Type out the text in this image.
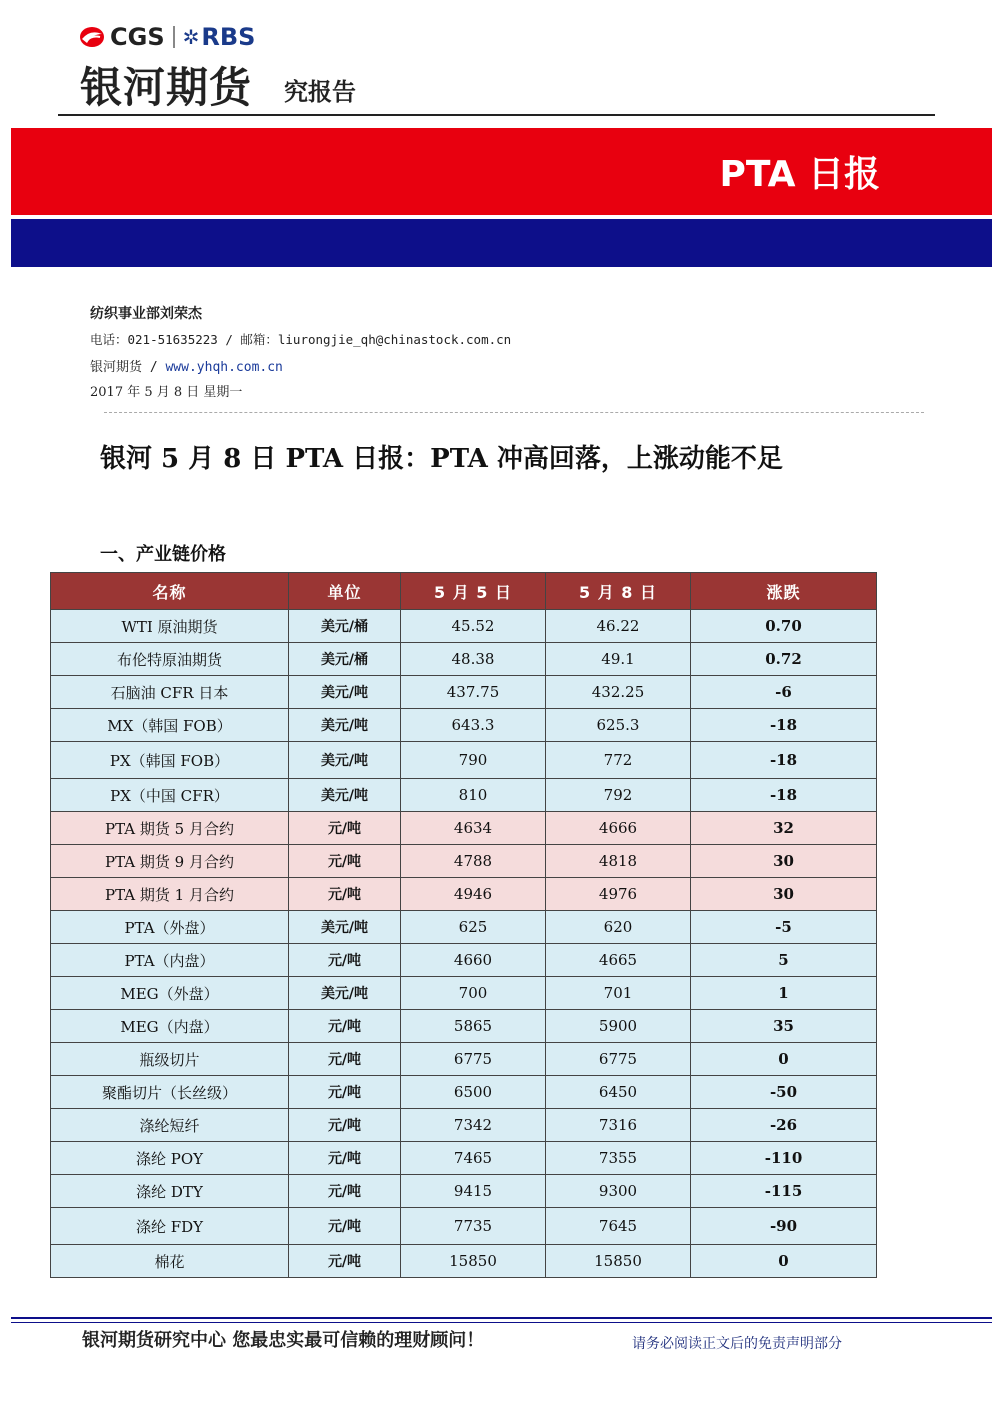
CGS ✲ RBS
银河期货 究报告
PTA 日报
纺织事业部刘荣杰
电话：021-51635223 / 邮箱：liurongjie_qh@chinastock.com.cn
银河期货 / www.yhqh.com.cn
2017 年 5 月 8 日 星期一
银河 5 月 8 日 PTA 日报：PTA 冲高回落，上涨动能不足
一、产业链价格
名称	单位	5 月 5 日	5 月 8 日	涨跌
WTI 原油期货	美元/桶	45.52	46.22	0.70
布伦特原油期货	美元/桶	48.38	49.1	0.72
石脑油 CFR 日本	美元/吨	437.75	432.25	-6
MX（韩国 FOB）	美元/吨	643.3	625.3	-18
PX（韩国 FOB）	美元/吨	790	772	-18
PX（中国 CFR）	美元/吨	810	792	-18
PTA 期货 5 月合约	元/吨	4634	4666	32
PTA 期货 9 月合约	元/吨	4788	4818	30
PTA 期货 1 月合约	元/吨	4946	4976	30
PTA（外盘）	美元/吨	625	620	-5
PTA（内盘）	元/吨	4660	4665	5
MEG（外盘）	美元/吨	700	701	1
MEG（内盘）	元/吨	5865	5900	35
瓶级切片	元/吨	6775	6775	0
聚酯切片（长丝级）	元/吨	6500	6450	-50
涤纶短纤	元/吨	7342	7316	-26
涤纶 POY	元/吨	7465	7355	-110
涤纶 DTY	元/吨	9415	9300	-115
涤纶 FDY	元/吨	7735	7645	-90
棉花	元/吨	15850	15850	0
银河期货研究中心 您最忠实最可信赖的理财顾问！	请务必阅读正文后的免责声明部分
